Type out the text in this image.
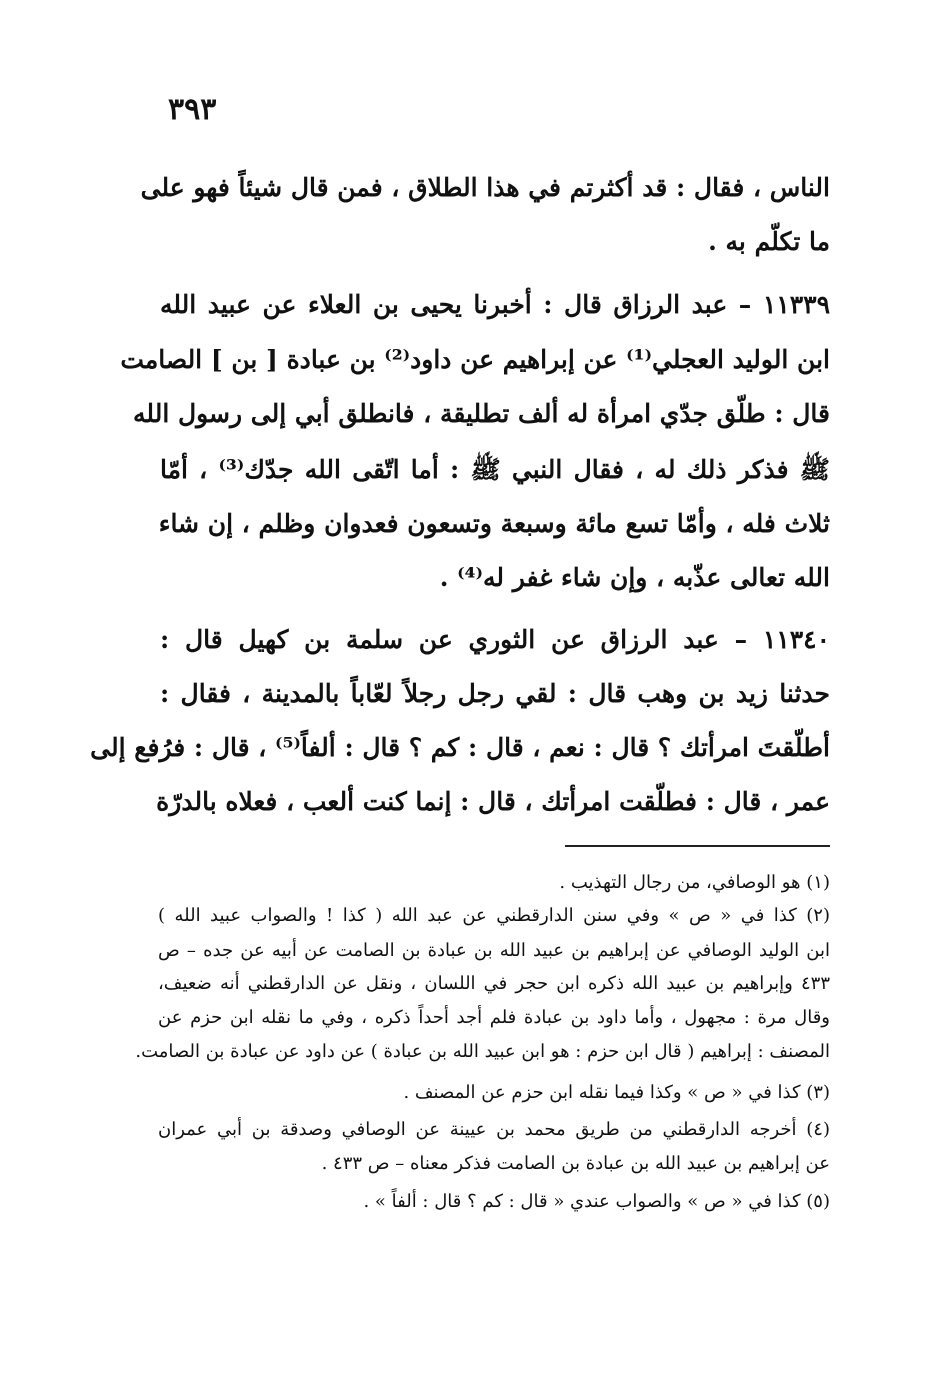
٣٩٣
الناس ، فقال : قد أكثرتم في هذا الطلاق ، فمن قال شيئاً فهو على
ما تكلّم به .
١١٣٣٩ – عبد الرزاق قال : أخبرنا يحيى بن العلاء عن عبيد الله
ابن الوليد العجلي⁽¹⁾ عن إبراهيم عن داود⁽²⁾ بن عبادة [ بن ] الصامت
قال : طلّق جدّي امرأة له ألف تطليقة ، فانطلق أبي إلى رسول الله
ﷺ فذكر ذلك له ، فقال النبي ﷺ : أما اتّقى الله جدّك⁽³⁾ ، أمّا
ثلاث فله ، وأمّا تسع مائة وسبعة وتسعون فعدوان وظلم ، إن شاء
الله تعالى عذّبه ، وإن شاء غفر له⁽⁴⁾ .
١١٣٤٠ – عبد الرزاق عن الثوري عن سلمة بن كهيل قال :
حدثنا زيد بن وهب قال : لقي رجل رجلاً لعّاباً بالمدينة ، فقال :
أطلّقتَ امرأتك ؟ قال : نعم ، قال : كم ؟ قال : ألفاً⁽⁵⁾ ، قال : فرُفع إلى
عمر ، قال : فطلّقت امرأتك ، قال : إنما كنت ألعب ، فعلاه بالدرّة
(١) هو الوصافي، من رجال التهذيب .
(٢) كذا في « ص » وفي سنن الدارقطني عن عبد الله ( كذا ! والصواب عبيد الله )
ابن الوليد الوصافي عن إبراهيم بن عبيد الله بن عبادة بن الصامت عن أبيه عن جده – ص
٤٣٣ وإبراهيم بن عبيد الله ذكره ابن حجر في اللسان ، ونقل عن الدارقطني أنه ضعيف،
وقال مرة : مجهول ، وأما داود بن عبادة فلم أجد أحداً ذكره ، وفي ما نقله ابن حزم عن
المصنف : إبراهيم ( قال ابن حزم : هو ابن عبيد الله بن عبادة ) عن داود عن عبادة بن الصامت.
(٣) كذا في « ص » وكذا فيما نقله ابن حزم عن المصنف .
(٤) أخرجه الدارقطني من طريق محمد بن عيينة عن الوصافي وصدقة بن أبي عمران
عن إبراهيم بن عبيد الله بن عبادة بن الصامت فذكر معناه – ص ٤٣٣ .
(٥) كذا في « ص » والصواب عندي « قال : كم ؟ قال : ألفاً » .
